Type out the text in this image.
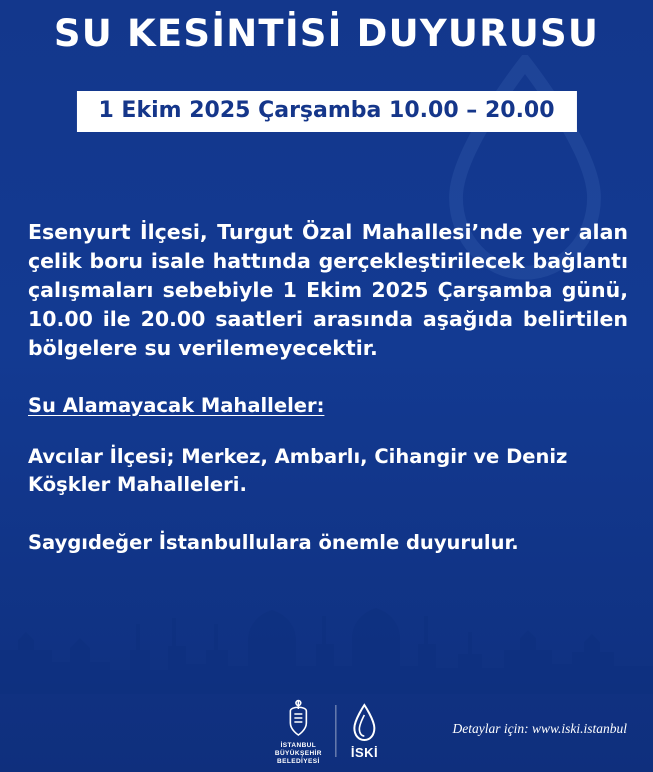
SU KESİNTİSİ DUYURUSU
1 Ekim 2025 Çarşamba 10.00 – 20.00

Esenyurt İlçesi, Turgut Özal Mahallesi’nde yer alan çelik boru isale hattında gerçekleştirilecek bağlantı çalışmaları sebebiyle 1 Ekim 2025 Çarşamba günü, 10.00 ile 20.00 saatleri arasında aşağıda belirtilen bölgelere su verilemeyecektir.

Su Alamayacak Mahalleler:
Avcılar İlçesi; Merkez, Ambarlı, Cihangir ve Deniz Köşkler Mahalleleri.
Saygıdeğer İstanbullulara önemle duyurulur.
İSTANBUL
BÜYÜKŞEHİR
BELEDİYESİ
İSKİ
Detaylar için: www.iski.istanbul
